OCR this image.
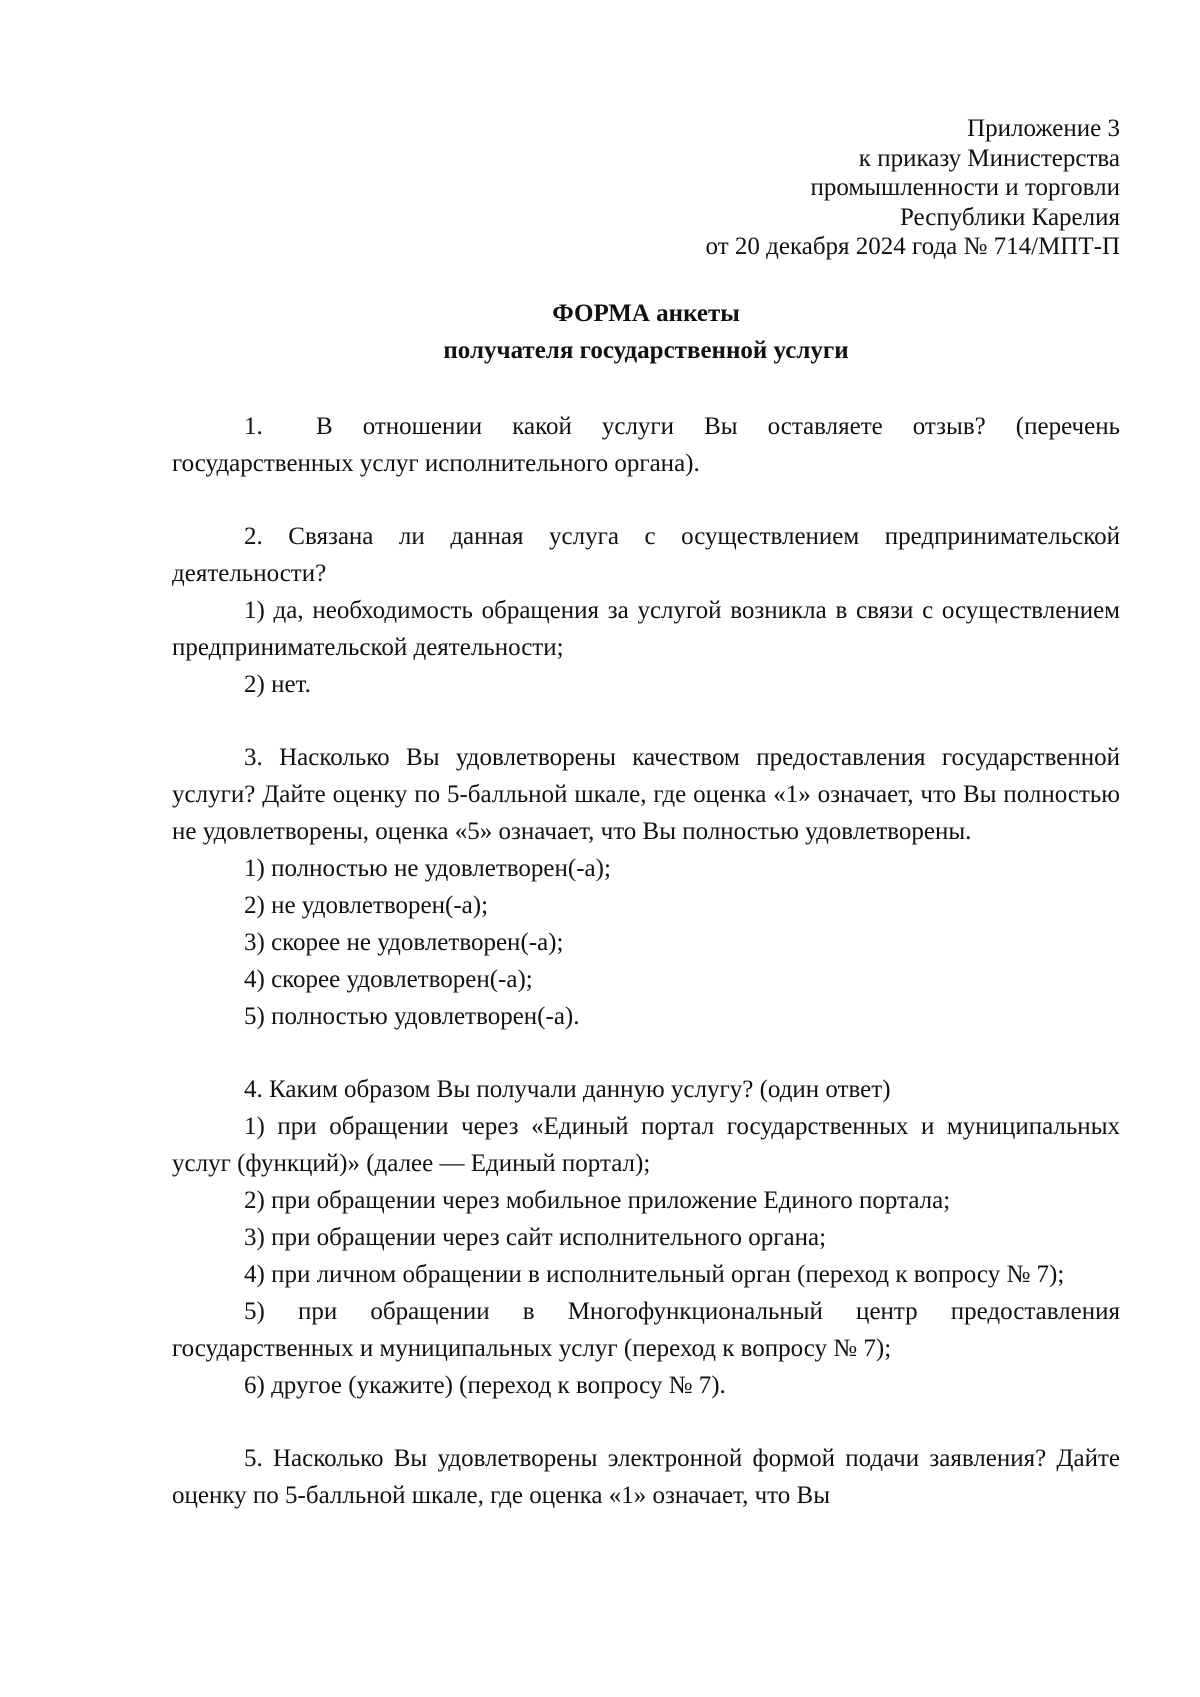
Приложение 3
к приказу Министерства
промышленности и торговли
Республики Карелия
от 20 декабря 2024 года № 714/МПТ-П
ФОРМА анкеты
получателя государственной услуги

1. В отношении какой услуги Вы оставляете отзыв? (перечень государственных услуг исполнительного органа).

2. Связана ли данная услуга с осуществлением предпринимательской деятельности?

1) да, необходимость обращения за услугой возникла в связи с осуществлением предпринимательской деятельности;

2) нет.

3. Насколько Вы удовлетворены качеством предоставления государственной услуги? Дайте оценку по 5-балльной шкале, где оценка «1» означает, что Вы полностью не удовлетворены, оценка «5» означает, что Вы полностью удовлетворены.

1) полностью не удовлетворен(-а);

2) не удовлетворен(-а);

3) скорее не удовлетворен(-а);

4) скорее удовлетворен(-а);

5) полностью удовлетворен(-а).

4. Каким образом Вы получали данную услугу? (один ответ)

1) при обращении через «Единый портал государственных и муниципальных услуг (функций)» (далее — Единый портал);

2) при обращении через мобильное приложение Единого портала;

3) при обращении через сайт исполнительного органа;

4) при личном обращении в исполнительный орган (переход к вопросу № 7);

5) при обращении в Многофункциональный центр предоставления государственных и муниципальных услуг (переход к вопросу № 7);

6) другое (укажите) (переход к вопросу № 7).

5. Насколько Вы удовлетворены электронной формой подачи заявления? Дайте оценку по 5-балльной шкале, где оценка «1» означает, что Вы
